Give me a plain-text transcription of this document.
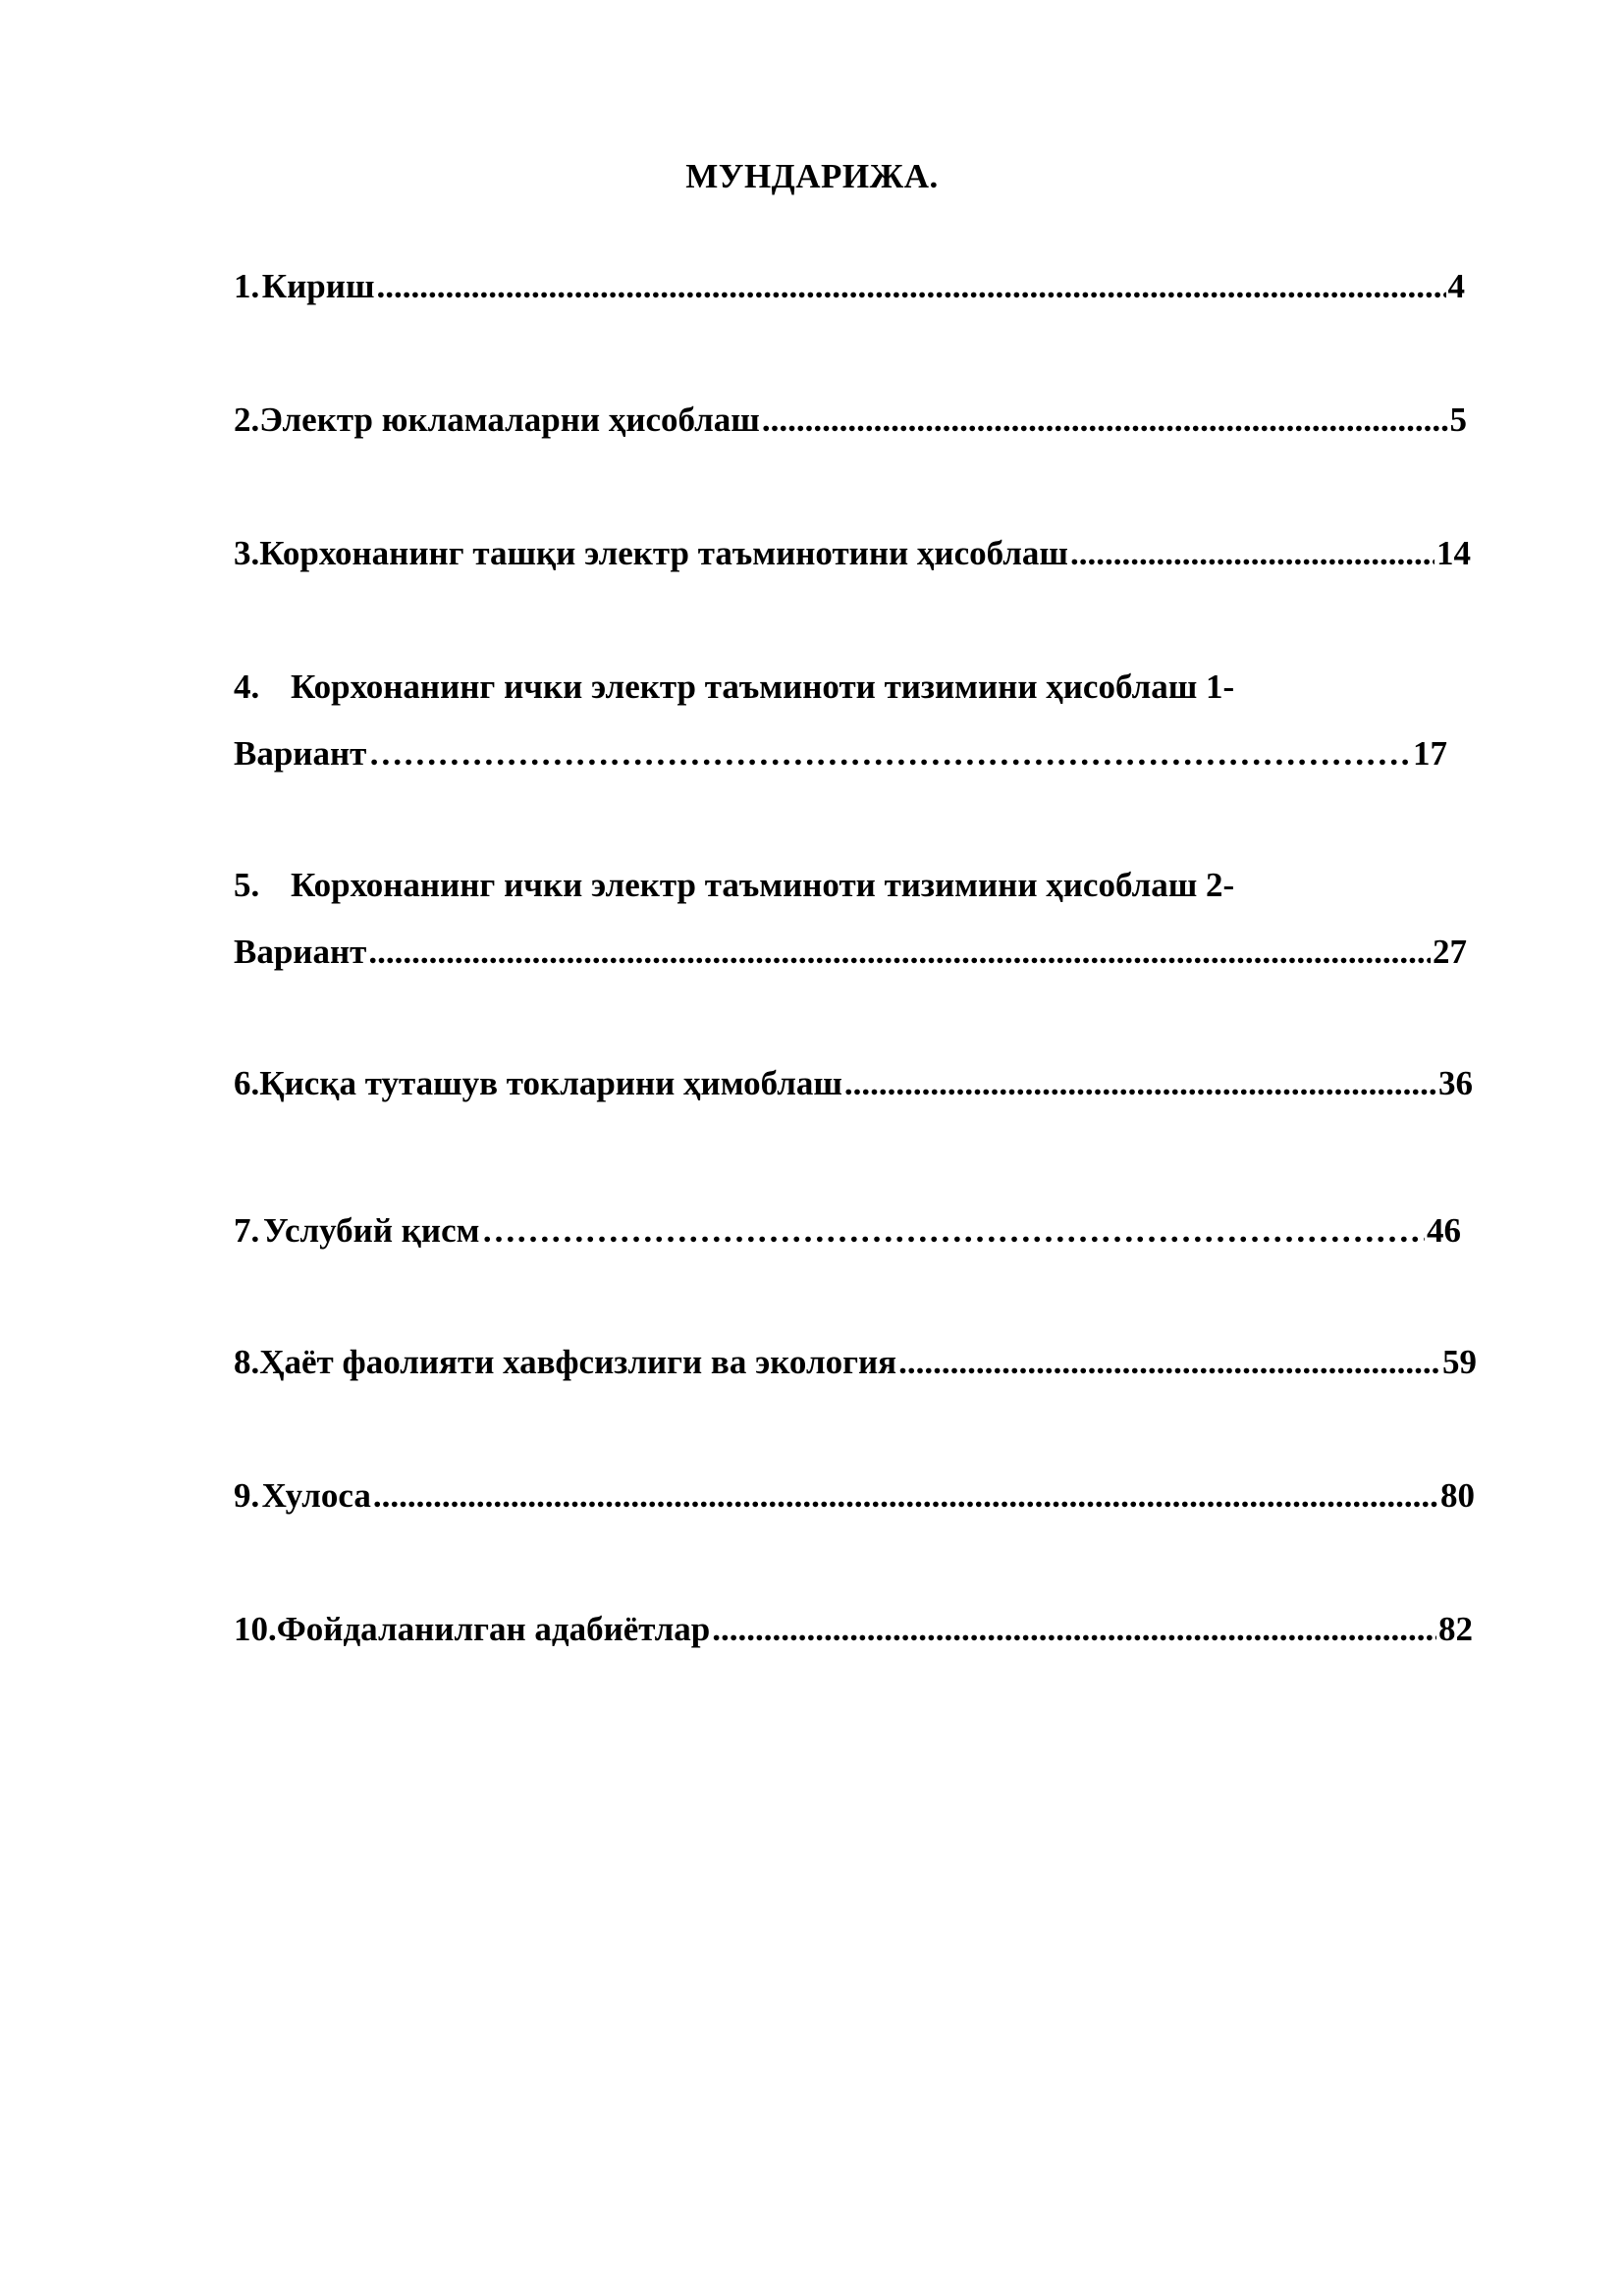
МУНДАРИЖА.
1. Кириш .....	4
2. Электр юкламаларни ҳисоблаш .....	5
3. Корхонанинг ташқи электр таъминотини ҳисоблаш .....	14
4. Корхонанинг ички электр таъминоти тизимини ҳисоблаш 1-
Вариант ……………………………………………………………………………………………………………………………………………	17
5. Корхонанинг ички электр таъминоти тизимини ҳисоблаш 2-
Вариант .....	27
6. Қисқа туташув токларини ҳимоблаш .....	36
7. Услубий қисм ……………………………………………………………………………………………………………………………………………	46
8. Ҳаёт фаолияти хавфсизлиги ва экология .....	59
9. Хулоса .....	80
10. Фойдаланилган адабиётлар .....	82
